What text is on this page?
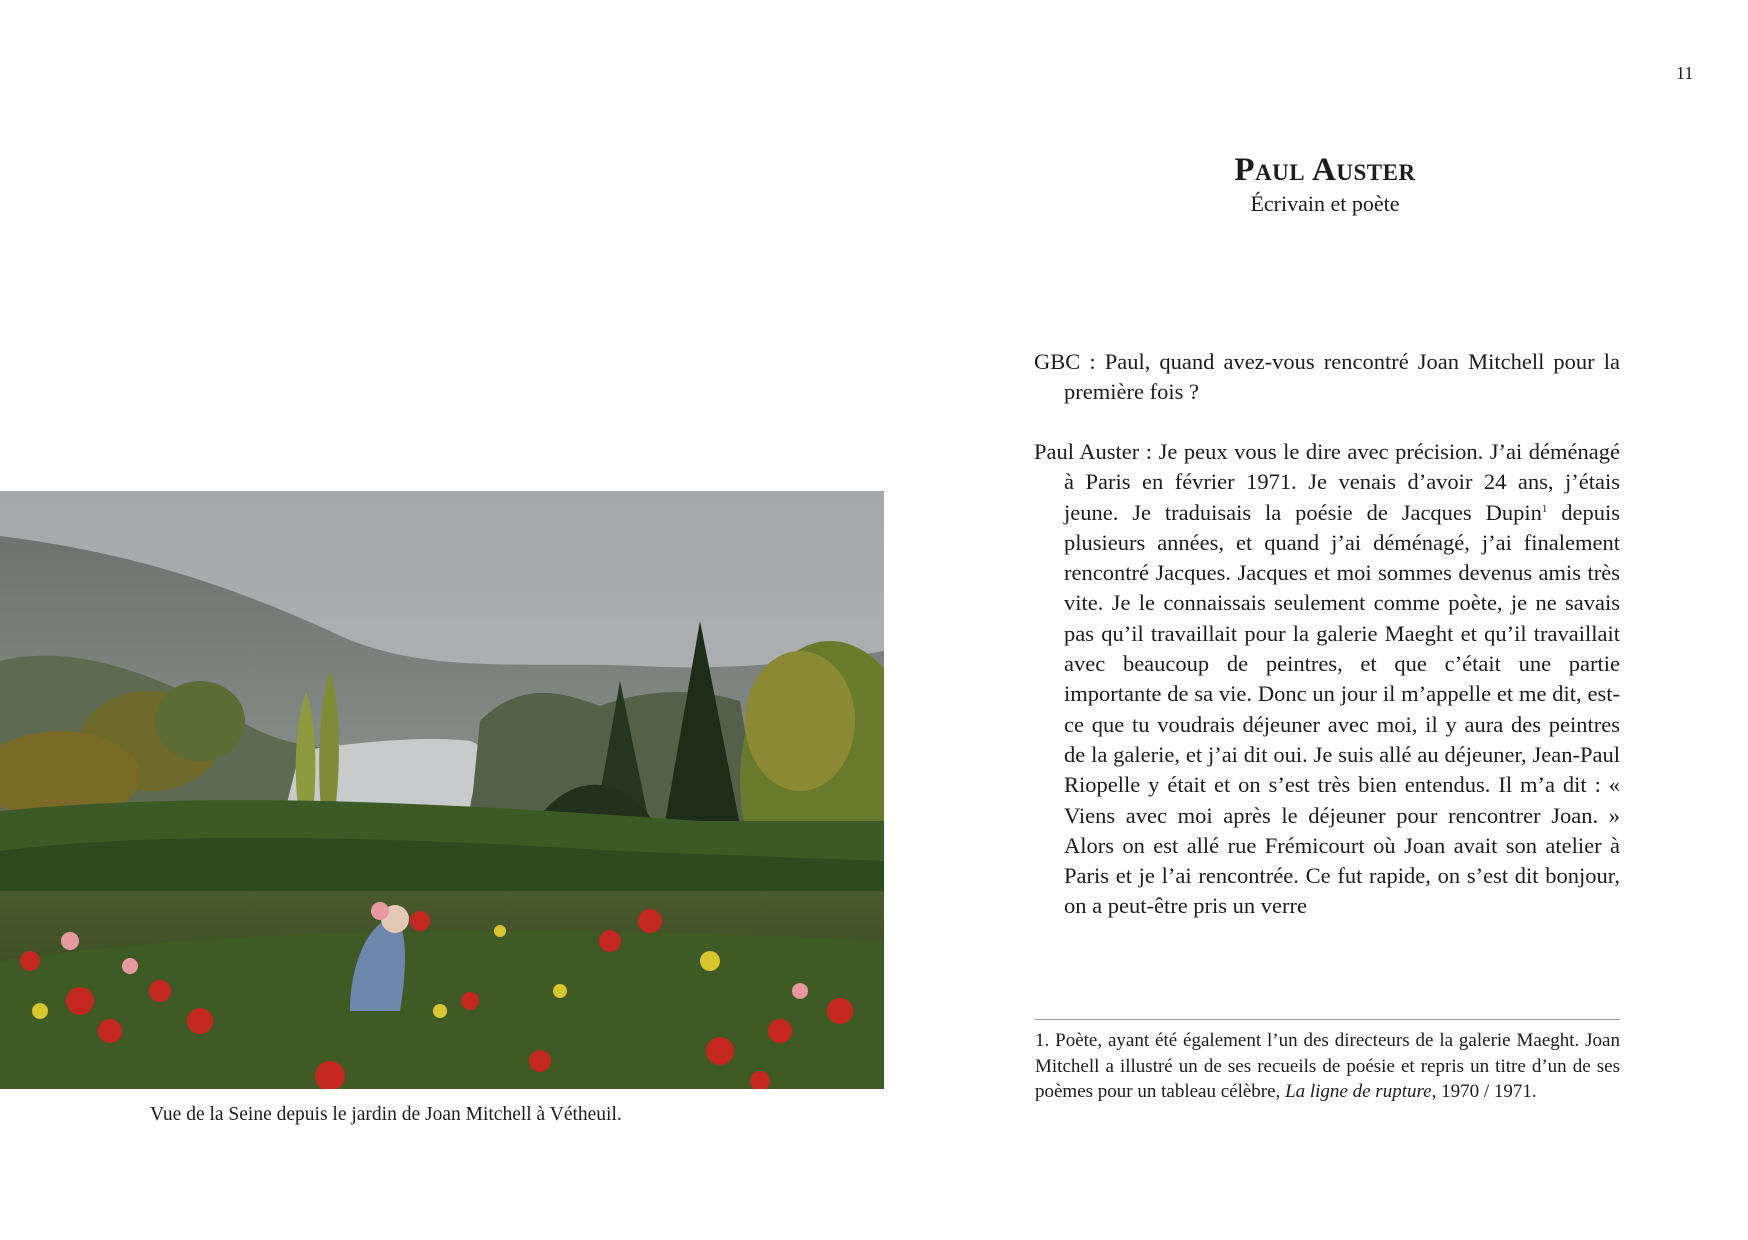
11
Paul Auster
Écrivain et poète

GBC : Paul, quand avez-vous rencontré Joan Mitchell pour la première fois ?

Paul Auster : Je peux vous le dire avec précision. J’ai déménagé à Paris en février 1971. Je venais d’avoir 24 ans, j’étais jeune. Je traduisais la poésie de Jacques Dupin$^1$ depuis plusieurs années, et quand j’ai déménagé, j’ai finalement rencontré Jacques. Jacques et moi sommes devenus amis très vite. Je le connaissais seulement comme poète, je ne savais pas qu’il travaillait pour la galerie Maeght et qu’il travaillait avec beaucoup de peintres, et que c’était une partie importante de sa vie. Donc un jour il m’appelle et me dit, est-ce que tu voudrais déjeuner avec moi, il y aura des peintres de la galerie, et j’ai dit oui. Je suis allé au déjeuner, Jean-Paul Riopelle y était et on s’est très bien entendus. Il m’a dit : « Viens avec moi après le déjeuner pour rencontrer Joan. » Alors on est allé rue Frémicourt où Joan avait son atelier à Paris et je l’ai rencontrée. Ce fut rapide, on s’est dit bonjour, on a peut-être pris un verre

1. Poète, ayant été également l’un des directeurs de la galerie Maeght. Joan Mitchell a illustré un de ses recueils de poésie et repris un titre d’un de ses poèmes pour un tableau célèbre, La ligne de rupture, 1970 / 1971.

Vue de la Seine depuis le jardin de Joan Mitchell à Vétheuil.
